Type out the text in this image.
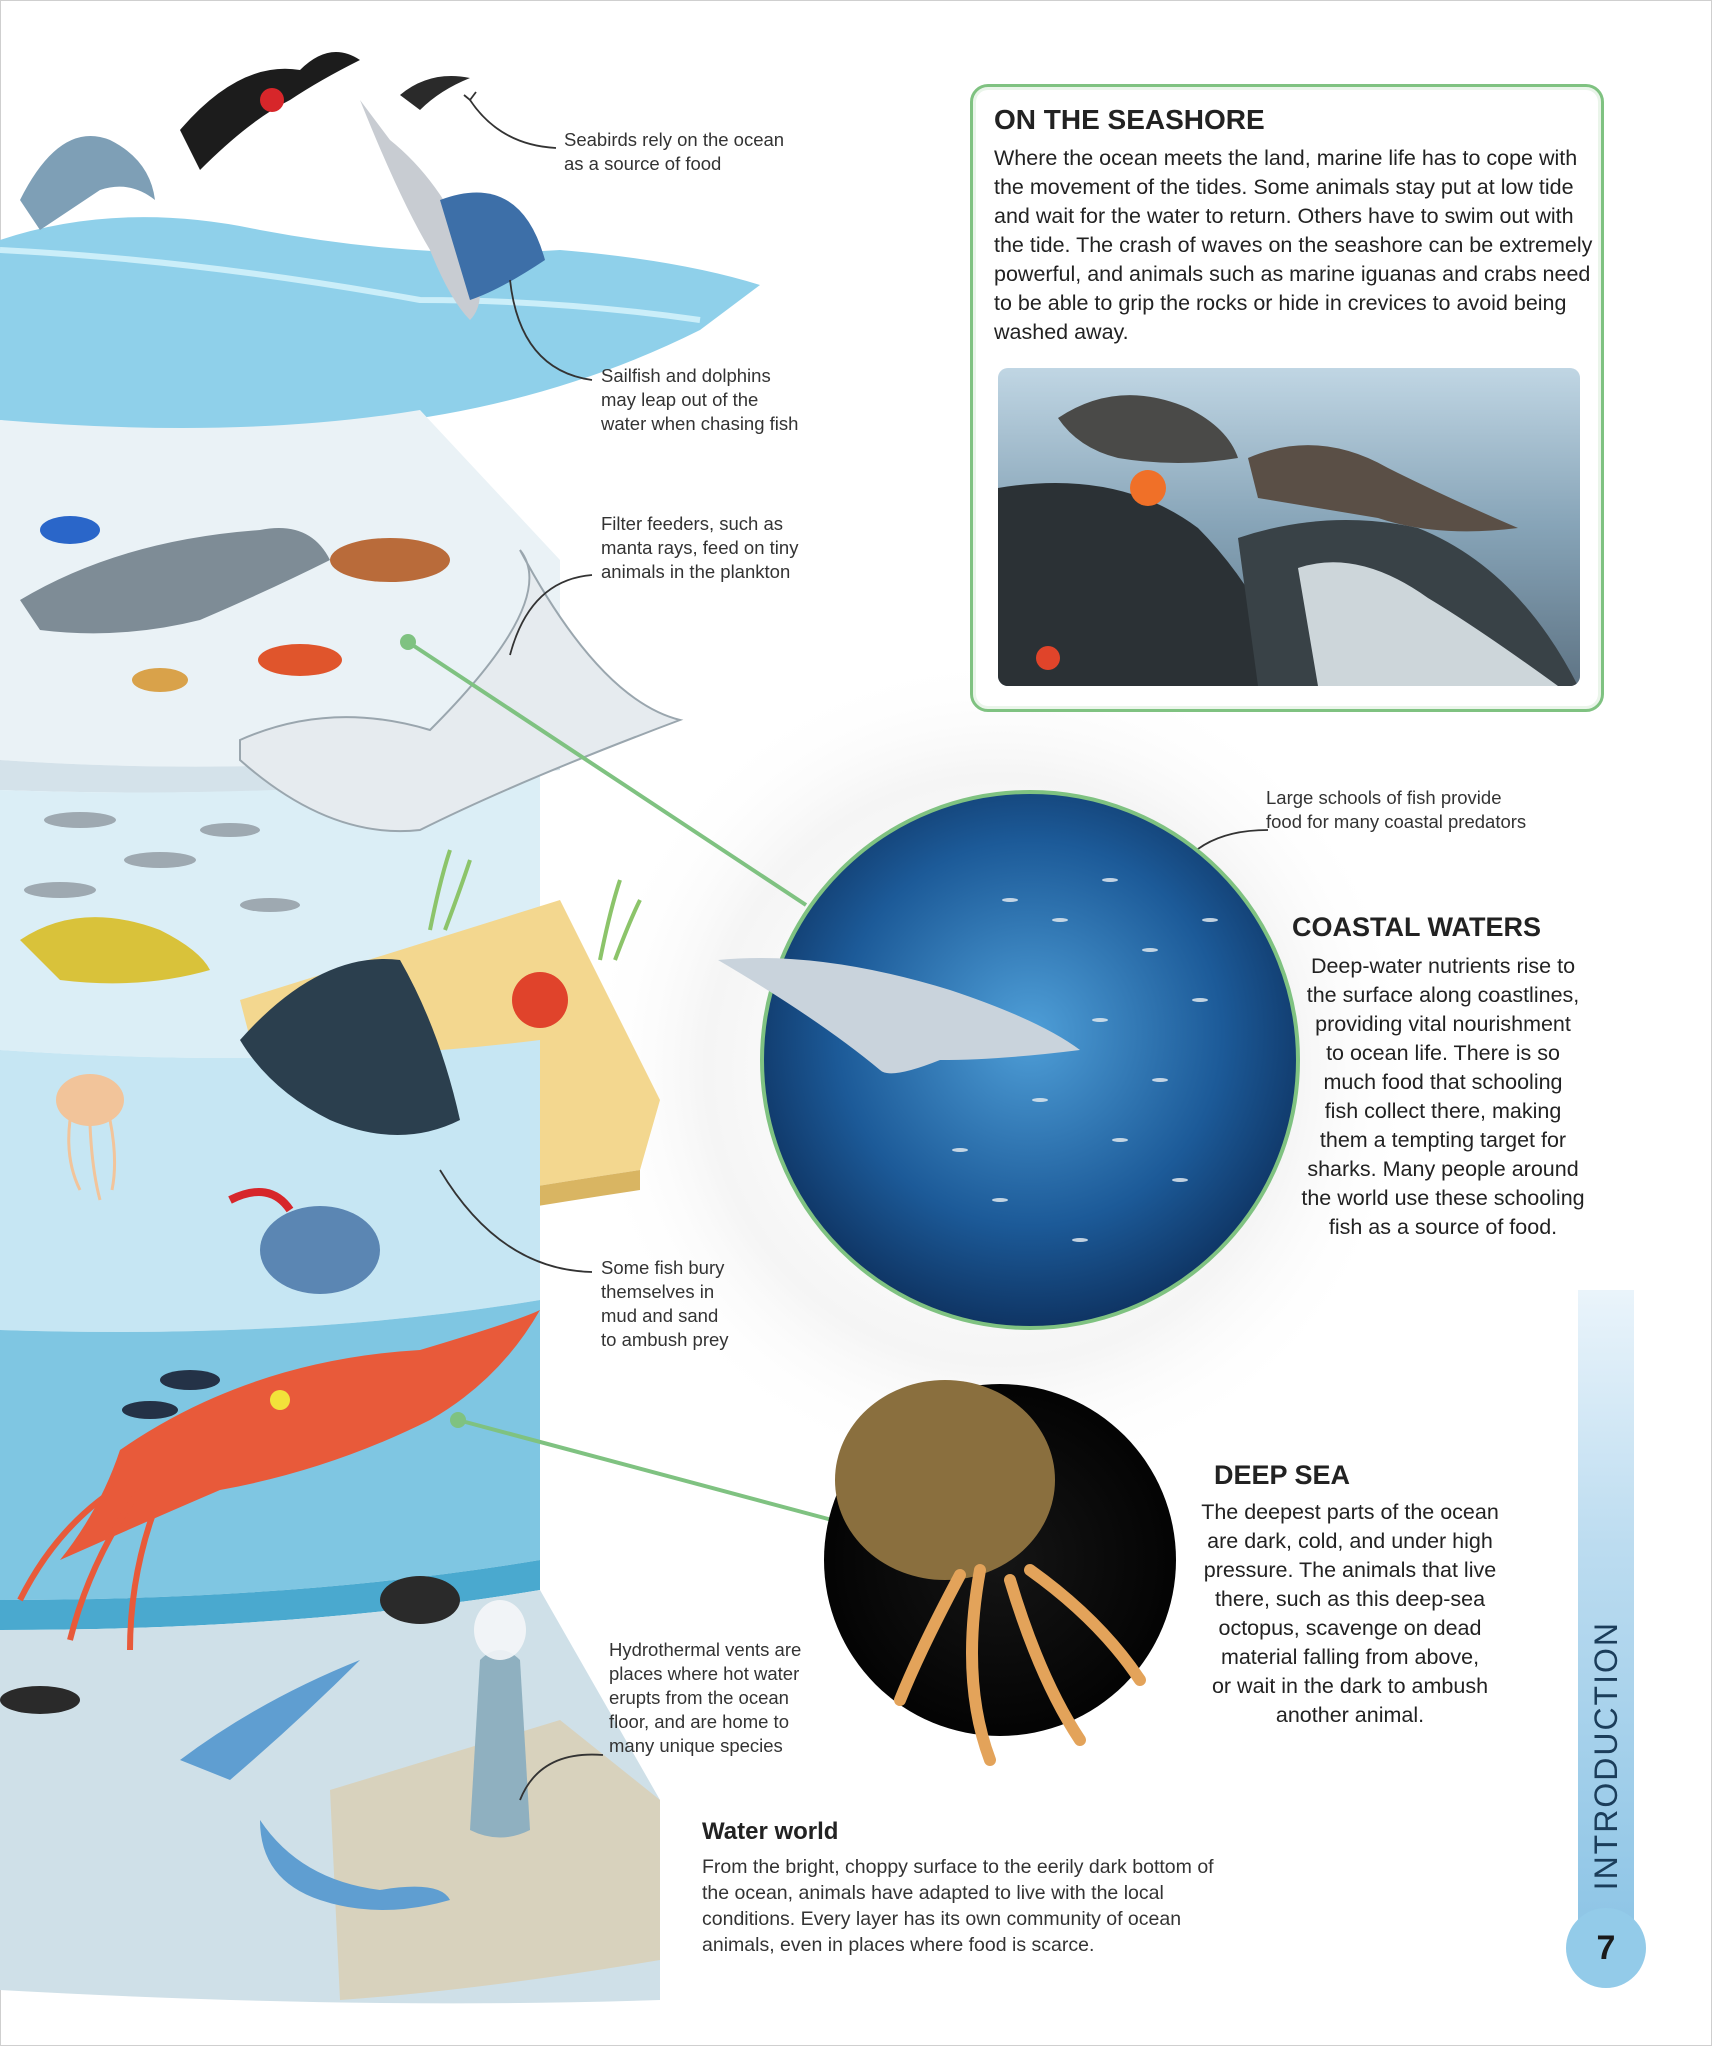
Seabirds rely on the ocean
as a source of food
Sailfish and dolphins
may leap out of the
water when chasing fish
Filter feeders, such as
manta rays, feed on tiny
animals in the plankton
Large schools of fish provide
food for many coastal predators
Some fish bury
themselves in
mud and sand
to ambush prey
Hydrothermal vents are
places where hot water
erupts from the ocean
floor, and are home to
many unique species
ON THE SEASHORE
Where the ocean meets the land, marine life has to cope with the movement of the tides. Some animals stay put at low tide and wait for the water to return. Others have to swim out with the tide. The crash of waves on the seashore can be extremely powerful, and animals such as marine iguanas and crabs need to be able to grip the rocks or hide in crevices to avoid being washed away.
COASTAL WATERS
Deep-water nutrients rise to
the surface along coastlines,
providing vital nourishment
to ocean life. There is so
much food that schooling
fish collect there, making
them a tempting target for
sharks. Many people around
the world use these schooling
fish as a source of food.
DEEP SEA
The deepest parts of the ocean
are dark, cold, and under high
pressure. The animals that live
there, such as this deep-sea
octopus, scavenge on dead
material falling from above,
or wait in the dark to ambush
another animal.
Water world
From the bright, choppy surface to the eerily dark bottom of the ocean, animals have adapted to live with the local conditions. Every layer has its own community of ocean animals, even in places where food is scarce.
INTRODUCTION
7
